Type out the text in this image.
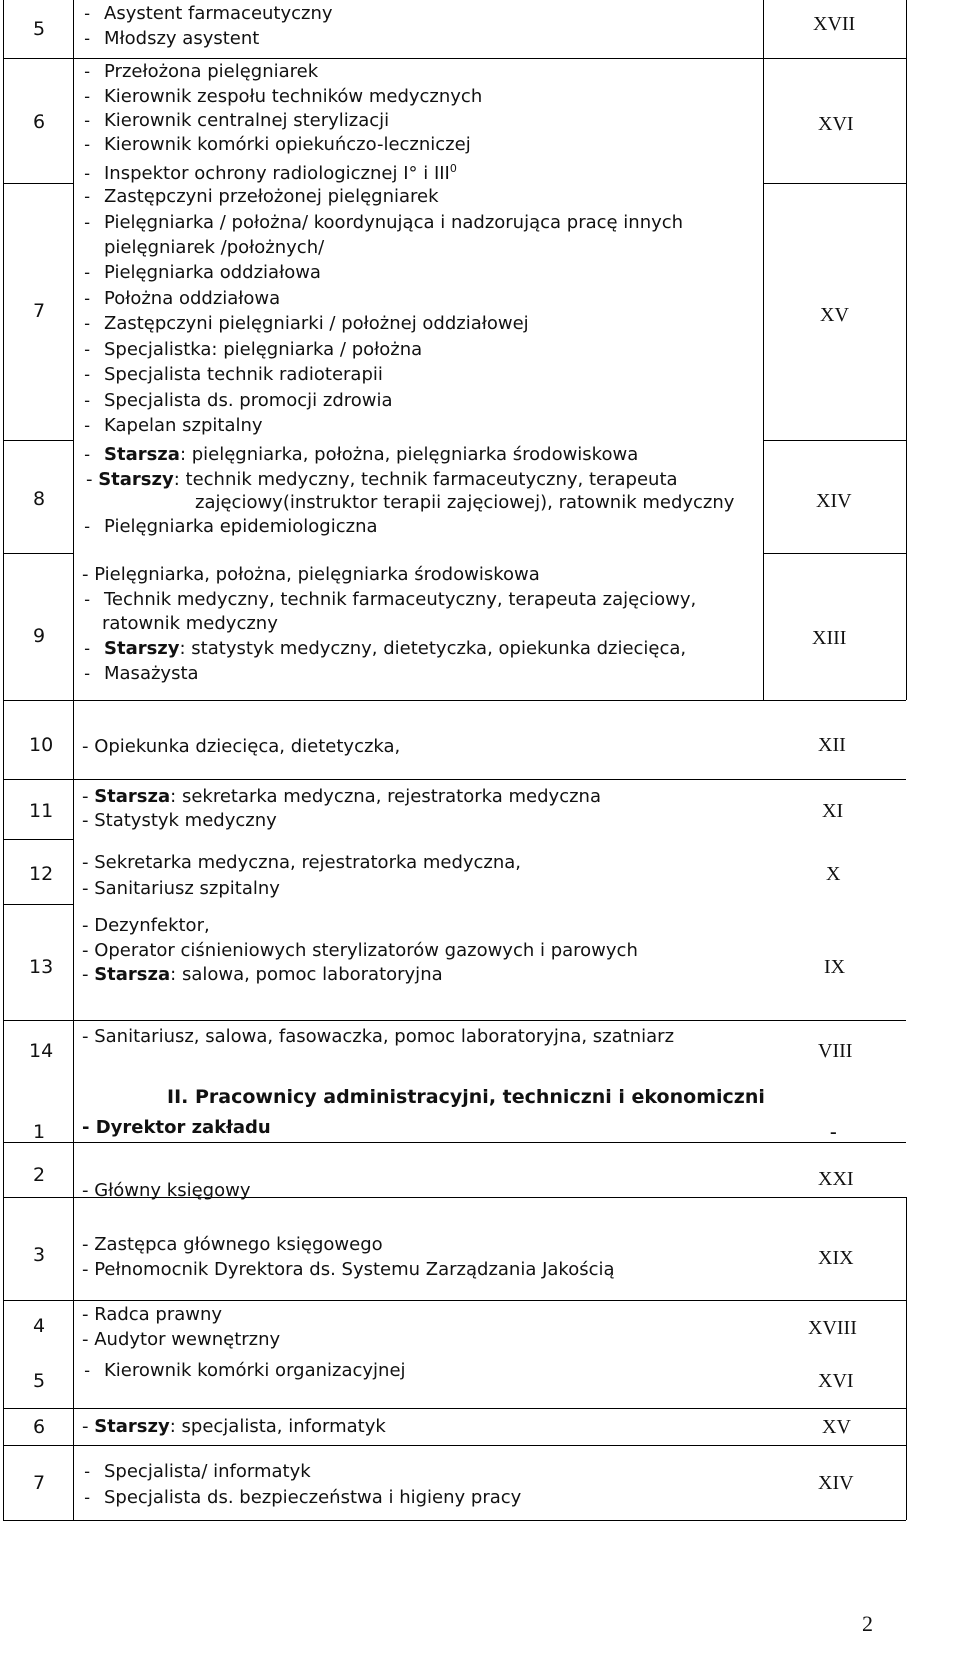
5
- Asystent farmaceutyczny
- Młodszy asystent
XVII
6
- Przełożona pielęgniarek
- Kierownik zespołu techników medycznych
- Kierownik centralnej sterylizacji
- Kierownik komórki opiekuńczo-leczniczej
- Inspektor ochrony radiologicznej I° i III$^0$
XVI
7
- Zastępczyni przełożonej pielęgniarek
- Pielęgniarka / położna/ koordynująca i nadzorująca pracę innych
pielęgniarek /położnych/
- Pielęgniarka oddziałowa
- Położna oddziałowa
- Zastępczyni pielęgniarki / położnej oddziałowej
- Specjalistka: pielęgniarka / położna
- Specjalista technik radioterapii
- Specjalista ds. promocji zdrowia
- Kapelan szpitalny
XV
8
- Starsza: pielęgniarka, położna, pielęgniarka środowiskowa
- Starszy: technik medyczny, technik farmaceutyczny, terapeuta
zajęciowy(instruktor terapii zajęciowej), ratownik medyczny
- Pielęgniarka epidemiologiczna
XIV
9
- Pielęgniarka, położna, pielęgniarka środowiskowa
- Technik medyczny, technik farmaceutyczny, terapeuta zajęciowy,
ratownik medyczny
- Starszy: statystyk medyczny, dietetyczka, opiekunka dziecięca,
- Masażysta
XIII
10 - Opiekunka dziecięca, dietetyczka,	XII
11
- Starsza: sekretarka medyczna, rejestratorka medyczna
- Statystyk medyczny	XI
12
- Sekretarka medyczna, rejestratorka medyczna,
- Sanitariusz szpitalny
X
13
- Dezynfektor,
- Operator ciśnieniowych sterylizatorów gazowych i parowych
- Starsza: salowa, pomoc laboratoryjna	IX
14
- Sanitariusz, salowa, fasowaczka, pomoc laboratoryjna, szatniarz
VIII
II. Pracownicy administracyjni, techniczni i ekonomiczni
1 - Dyrektor zakładu	-
2
- Główny księgowy
XXI
3 - Zastępca głównego księgowego
- Pełnomocnik Dyrektora ds. Systemu Zarządzania Jakością
XIX
4
- Radca prawny
- Audytor wewnętrzny
XVIII
5 - Kierownik komórki organizacyjnej	XVI
6 - Starszy: specjalista, informatyk	XV
7 - Specjalista/ informatyk
- Specjalista ds. bezpieczeństwa i higieny pracy
XIV
2
